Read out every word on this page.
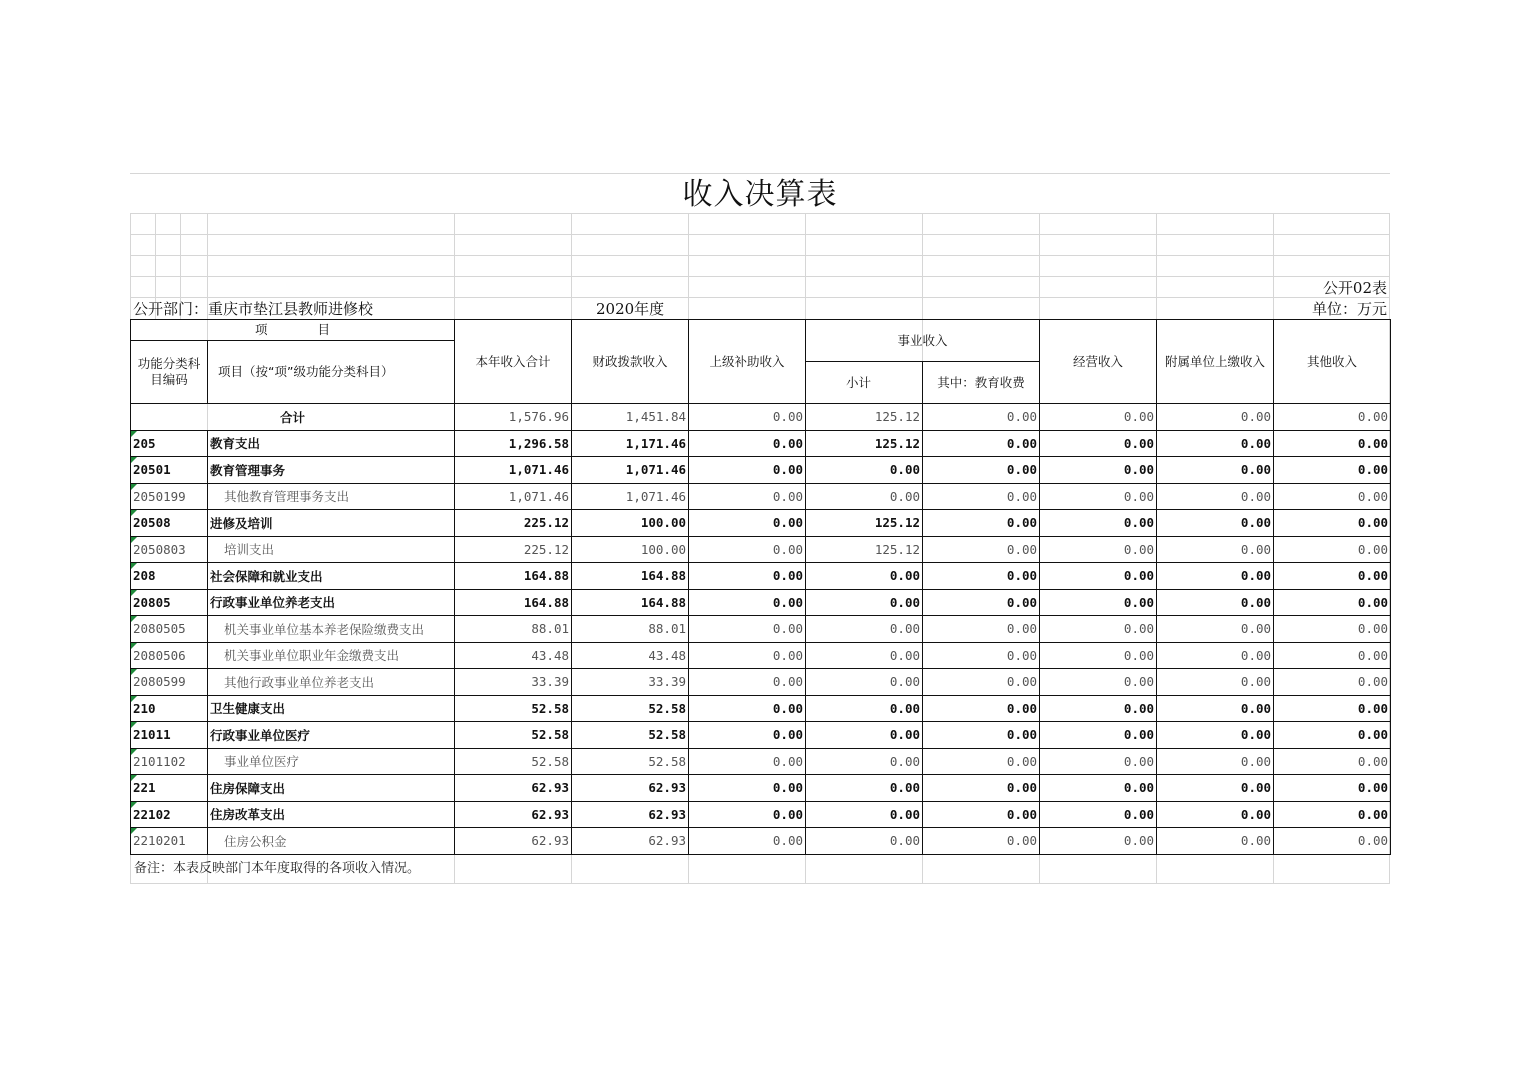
收入决算表
公开02表
公开部门：重庆市垫江县教师进修校	2020年度	单位：万元
项　　　　目		本年收入合计	财政拨款收入	上级补助收入	事业收入		经营收入	附属单位上缴收入	其他收入
功能分类科目编码	项目（按“项”级功能分类科目）								
					小计	其中：教育收费			
合计		1,576.96	1,451.84	0.00	125.12	0.00	0.00	0.00	0.00
205	教育支出	1,296.58	1,171.46	0.00	125.12	0.00	0.00	0.00	0.00
20501	教育管理事务	1,071.46	1,071.46	0.00	0.00	0.00	0.00	0.00	0.00
2050199	其他教育管理事务支出	1,071.46	1,071.46	0.00	0.00	0.00	0.00	0.00	0.00
20508	进修及培训	225.12	100.00	0.00	125.12	0.00	0.00	0.00	0.00
2050803	培训支出	225.12	100.00	0.00	125.12	0.00	0.00	0.00	0.00
208	社会保障和就业支出	164.88	164.88	0.00	0.00	0.00	0.00	0.00	0.00
20805	行政事业单位养老支出	164.88	164.88	0.00	0.00	0.00	0.00	0.00	0.00
2080505	机关事业单位基本养老保险缴费支出	88.01	88.01	0.00	0.00	0.00	0.00	0.00	0.00
2080506	机关事业单位职业年金缴费支出	43.48	43.48	0.00	0.00	0.00	0.00	0.00	0.00
2080599	其他行政事业单位养老支出	33.39	33.39	0.00	0.00	0.00	0.00	0.00	0.00
210	卫生健康支出	52.58	52.58	0.00	0.00	0.00	0.00	0.00	0.00
21011	行政事业单位医疗	52.58	52.58	0.00	0.00	0.00	0.00	0.00	0.00
2101102	事业单位医疗	52.58	52.58	0.00	0.00	0.00	0.00	0.00	0.00
221	住房保障支出	62.93	62.93	0.00	0.00	0.00	0.00	0.00	0.00
22102	住房改革支出	62.93	62.93	0.00	0.00	0.00	0.00	0.00	0.00
2210201	住房公积金	62.93	62.93	0.00	0.00	0.00	0.00	0.00	0.00
备注：本表反映部门本年度取得的各项收入情况。
